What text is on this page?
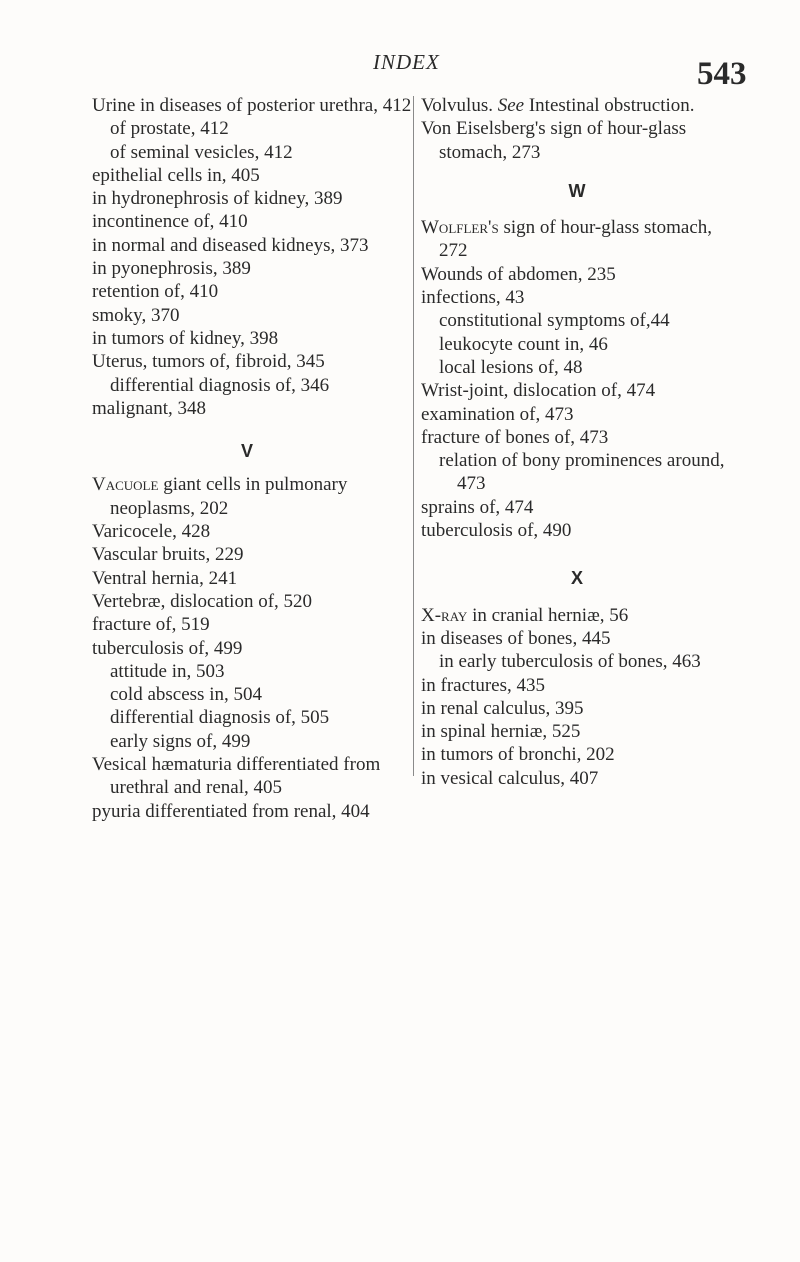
INDEX	543
Urine in diseases of posterior urethra, 412
of prostate, 412
of seminal vesicles, 412
epithelial cells in, 405
in hydronephrosis of kidney, 389
incontinence of, 410
in normal and diseased kidneys, 373
in pyonephrosis, 389
retention of, 410
smoky, 370
in tumors of kidney, 398
Uterus, tumors of, fibroid, 345
differential diagnosis of, 346
malignant, 348
V
Vacuole giant cells in pulmonary neoplasms, 202
Varicocele, 428
Vascular bruits, 229
Ventral hernia, 241
Vertebræ, dislocation of, 520
fracture of, 519
tuberculosis of, 499
attitude in, 503
cold abscess in, 504
differential diagnosis of, 505
early signs of, 499
Vesical hæmaturia differentiated from urethral and renal, 405
pyuria differentiated from renal, 404
Volvulus. See Intestinal obstruction.
Von Eiselsberg's sign of hour-glass stomach, 273
W
Wolfler's sign of hour-glass stomach, 272
Wounds of abdomen, 235
infections, 43
constitutional symptoms of,44
leukocyte count in, 46
local lesions of, 48
Wrist-joint, dislocation of, 474
examination of, 473
fracture of bones of, 473
relation of bony prominences around, 473
sprains of, 474
tuberculosis of, 490
X
X-ray in cranial herniæ, 56
in diseases of bones, 445
in early tuberculosis of bones, 463
in fractures, 435
in renal calculus, 395
in spinal herniæ, 525
in tumors of bronchi, 202
in vesical calculus, 407
